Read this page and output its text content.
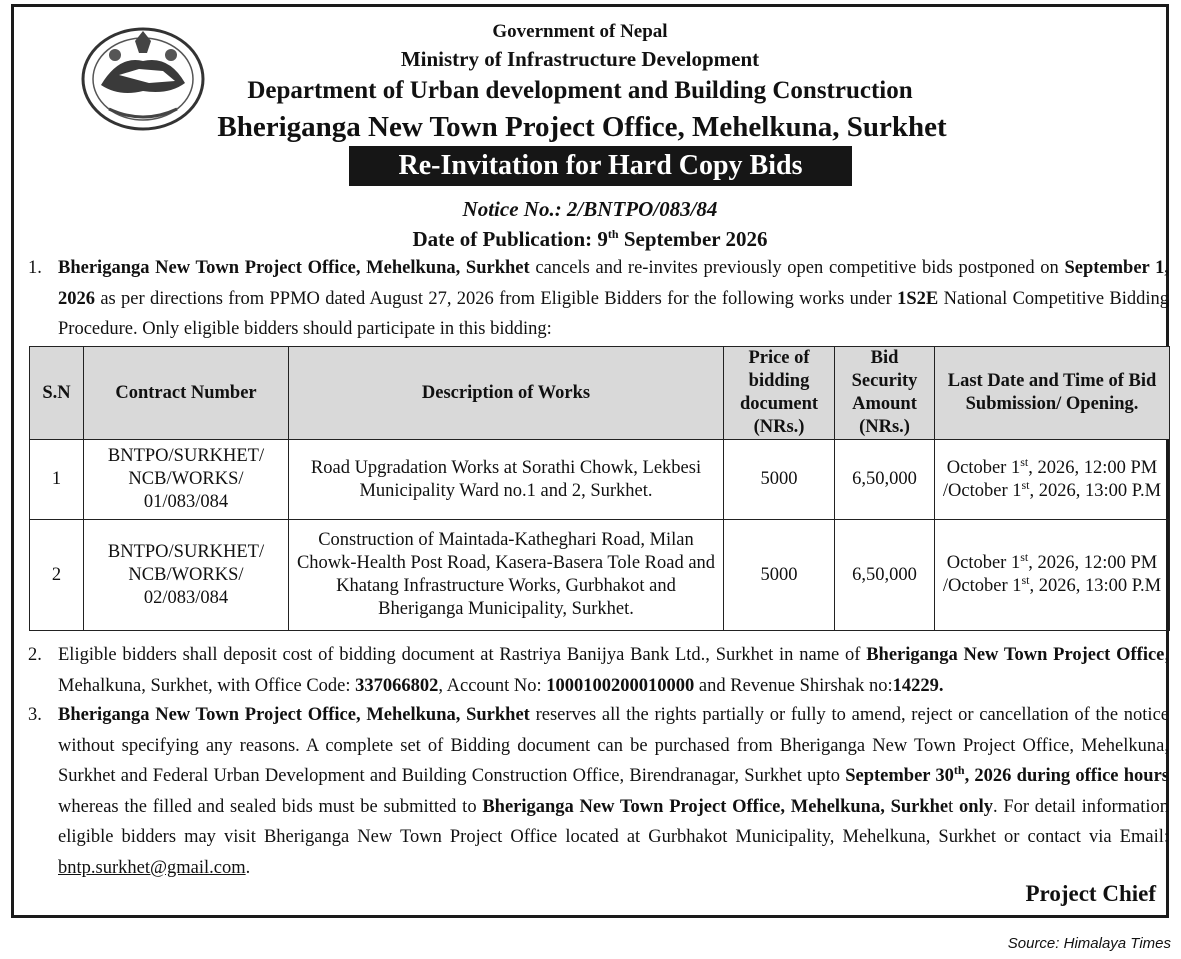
Government of Nepal
Ministry of Infrastructure Development
Department of Urban development and Building Construction
Bheriganga New Town Project Office, Mehelkuna, Surkhet
Re-Invitation for Hard Copy Bids
Notice No.: 2/BNTPO/083/84
Date of Publication: 9th September 2026
1. Bheriganga New Town Project Office, Mehelkuna, Surkhet cancels and re-invites previously open competitive bids postponed on September 1, 2026 as per directions from PPMO dated August 27, 2026 from Eligible Bidders for the following works under 1S2E National Competitive Bidding Procedure. Only eligible bidders should participate in this bidding:
S.N	Contract Number	Description of Works	Price of bidding document (NRs.)	Bid Security Amount (NRs.)	Last Date and Time of Bid Submission/ Opening.
1	BNTPO/SURKHET/ NCB/WORKS/ 01/083/084	Road Upgradation Works at Sorathi Chowk, Lekbesi Municipality Ward no.1 and 2, Surkhet.	5000	6,50,000	October 1st, 2026, 12:00 PM /October 1st, 2026, 13:00 P.M
2	BNTPO/SURKHET/ NCB/WORKS/ 02/083/084	Construction of Maintada-Katheghari Road, Milan Chowk-Health Post Road, Kasera-Basera Tole Road and Khatang Infrastructure Works, Gurbhakot and Bheriganga Municipality, Surkhet.	5000	6,50,000	October 1st, 2026, 12:00 PM /October 1st, 2026, 13:00 P.M
2. Eligible bidders shall deposit cost of bidding document at Rastriya Banijya Bank Ltd., Surkhet in name of Bheriganga New Town Project Office, Mehalkuna, Surkhet, with Office Code: 337066802, Account No: 1000100200010000 and Revenue Shirshak no:14229.
3. Bheriganga New Town Project Office, Mehelkuna, Surkhet reserves all the rights partially or fully to amend, reject or cancellation of the notice without specifying any reasons. A complete set of Bidding document can be purchased from Bheriganga New Town Project Office, Mehelkuna, Surkhet and Federal Urban Development and Building Construction Office, Birendranagar, Surkhet upto September 30th, 2026 during office hours whereas the filled and sealed bids must be submitted to Bheriganga New Town Project Office, Mehelkuna, Surkhet only. For detail information eligible bidders may visit Bheriganga New Town Project Office located at Gurbhakot Municipality, Mehelkuna, Surkhet or contact via Email: bntp.surkhet@gmail.com.
Project Chief
Source: Himalaya Times
